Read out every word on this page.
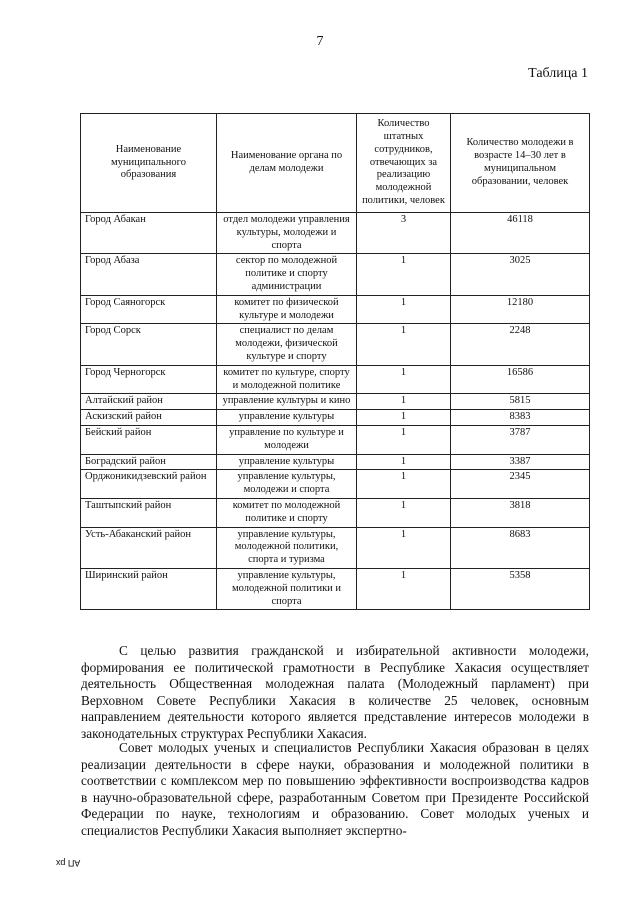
7
Таблица 1
Наименование муниципального образования	Наименование органа по делам молодежи	Количество штатных сотрудников, отвечающих за реализацию молодежной политики, человек	Количество молодежи в возрасте 14–30 лет в муниципальном образовании, человек
Город Абакан	отдел молодежи управления культуры, молодежи и спорта	3	46118
Город Абаза	сектор по молодежной политике и спорту администрации	1	3025
Город Саяногорск	комитет по физической культуре и молодежи	1	12180
Город Сорск	специалист по делам молодежи, физической культуре и спорту	1	2248
Город Черногорск	комитет по культуре, спорту и молодежной политике	1	16586
Алтайский район	управление культуры и кино	1	5815
Аскизский район	управление культуры	1	8383
Бейский район	управление по культуре и молодежи	1	3787
Боградский район	управление культуры	1	3387
Орджоникидзевский район	управление культуры, молодежи и спорта	1	2345
Таштыпский район	комитет по молодежной политике и спорту	1	3818
Усть-Абаканский район	управление культуры, молодежной политики, спорта и туризма	1	8683
Ширинский район	управление культуры, молодежной политики и спорта	1	5358

С целью развития гражданской и избирательной активности молодежи, формирования ее политической грамотности в Республике Хакасия осуществляет деятельность Общественная молодежная палата (Молодежный парламент) при Верховном Совете Республики Хакасия в количестве 25 человек, основным направлением деятельности которого является представление интересов молодежи в законодательных структурах Республики Хакасия.

Совет молодых ученых и специалистов Республики Хакасия образован в целях реализации деятельности в сфере науки, образования и молодежной политики в соответствии с комплексом мер по повышению эффективности воспроизводства кадров в научно-образовательной сфере, разработанным Советом при Президенте Российской Федерации по науке, технологиям и образованию. Совет молодых ученых и специалистов Республики Хакасия выполняет экспертно-

АП рх
